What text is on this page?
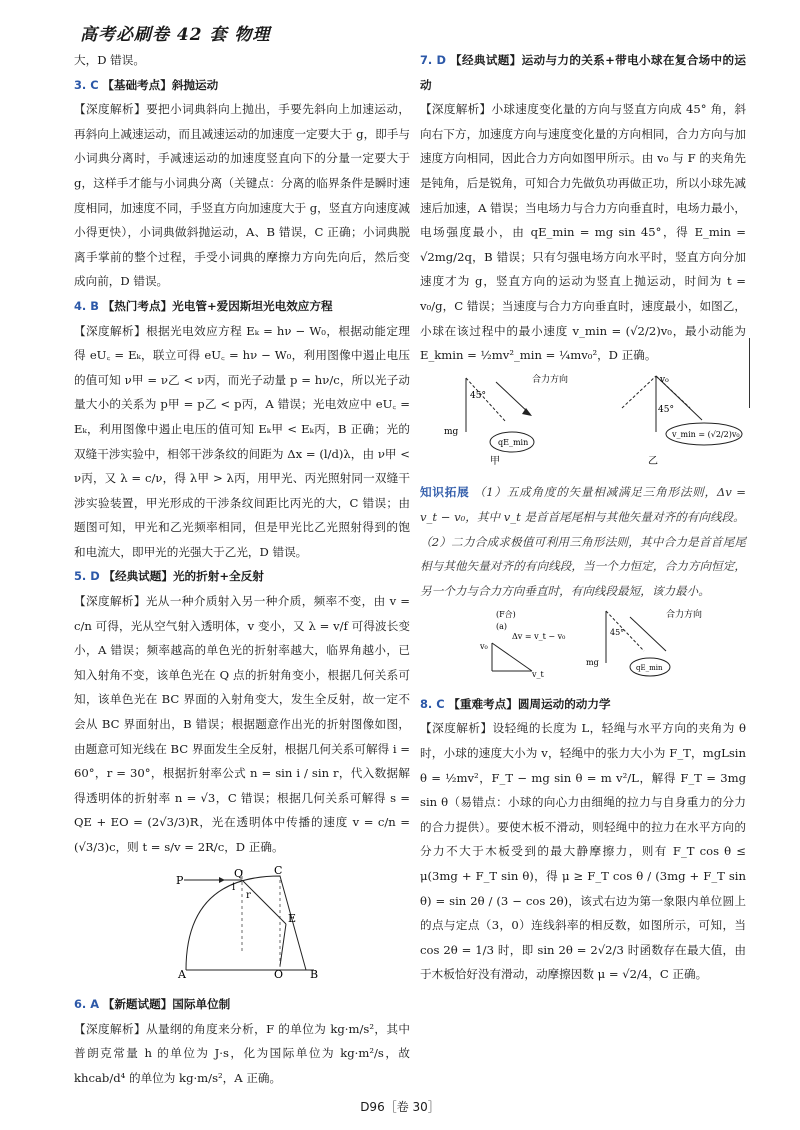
高考必刷卷 42 套 物理

大，D 错误。

3. C 【基础考点】斜抛运动

【深度解析】要把小词典斜向上抛出，手要先斜向上加速运动，再斜向上减速运动，而且减速运动的加速度一定要大于 g，即手与小词典分离时，手减速运动的加速度竖直向下的分量一定要大于 g，这样手才能与小词典分离（关键点：分离的临界条件是瞬时速度相同，加速度不同，手竖直方向加速度大于 g，竖直方向速度减小得更快），小词典做斜抛运动，A、B 错误，C 正确；小词典脱离手掌前的整个过程，手受小词典的摩擦力方向先向后，然后变成向前，D 错误。

4. B 【热门考点】光电管+爱因斯坦光电效应方程

【深度解析】根据光电效应方程 Eₖ = hν − W₀，根据动能定理得 eU꜀ = Eₖ，联立可得 eU꜀ = hν − W₀，利用图像中遏止电压的值可知 ν甲 = ν乙 < ν丙，而光子动量 p = hν/c，所以光子动量大小的关系为 p甲 = p乙 < p丙，A 错误；光电效应中 eU꜀ = Eₖ，利用图像中遏止电压的值可知 Eₖ甲 < Eₖ丙，B 正确；光的双缝干涉实验中，相邻干涉条纹的间距为 Δx = (l/d)λ，由 ν甲 < ν丙，又 λ = c/ν，得 λ甲 > λ丙，用甲光、丙光照射同一双缝干涉实验装置，甲光形成的干涉条纹间距比丙光的大，C 错误；由题图可知，甲光和乙光频率相同，但是甲光比乙光照射得到的饱和电流大，即甲光的光强大于乙光，D 错误。

5. D 【经典试题】光的折射+全反射

【深度解析】光从一种介质射入另一种介质，频率不变，由 v = c/n 可得，光从空气射入透明体，v 变小，又 λ = v/f 可得波长变小，A 错误；频率越高的单色光的折射率越大，临界角越小，已知入射角不变，该单色光在 Q 点的折射角变小，根据几何关系可知，该单色光在 BC 界面的入射角变大，发生全反射，故一定不会从 BC 界面射出，B 错误；根据题意作出光的折射图像如图，由题意可知光线在 BC 界面发生全反射，根据几何关系可解得 i = 60°，r = 30°，根据折射率公式 n = sin i / sin r，代入数据解得透明体的折射率 n = √3，C 错误；根据几何关系可解得 s = QE + EO = (2√3/3)R，光在透明体中传播的速度 v = c/n = (√3/3)c，则 t = s/v = 2R/c，D 正确。

P
Q	C
E
A	O B
i
r

6. A 【新题试题】国际单位制

【深度解析】从量纲的角度来分析，F 的单位为 kg·m/s²，其中普朗克常量 h 的单位为 J·s，化为国际单位为 kg·m²/s，故 khcab/d⁴ 的单位为 kg·m/s²，A 正确。

7. D 【经典试题】运动与力的关系+带电小球在复合场中的运动

【深度解析】小球速度变化量的方向与竖直方向成 45° 角，斜向右下方，加速度方向与速度变化量的方向相同，合力方向与加速度方向相同，因此合力方向如图甲所示。由 v₀ 与 F 的夹角先是钝角，后是锐角，可知合力先做负功再做正功，所以小球先减速后加速，A 错误；当电场力与合力方向垂直时，电场力最小，电场强度最小，由 qE_min = mg sin 45°，得 E_min = √2mg/2q，B 错误；只有匀强电场方向水平时，竖直方向分加速度才为 g，竖直方向的运动为竖直上抛运动，时间为 t = v₀/g，C 错误；当速度与合力方向垂直时，速度最小，如图乙，小球在该过程中的最小速度 v_min = (√2/2)v₀，最小动能为 E_kmin = ½mv²_min = ¼mv₀²，D 正确。

合力方向
45°
mg
qE_min
甲
v₀
45°
v_min = (√2/2)v₀
乙

知识拓展 （1）五成角度的矢量相减满足三角形法则，Δv = v_t − v₀，其中 v_t 是首首尾尾相与其他矢量对齐的有向线段。

（2）二力合成求极值可利用三角形法则，其中合力是首首尾尾相与其他矢量对齐的有向线段，当一个力恒定，合力方向恒定，另一个力与合力方向垂直时，有向线段最短，该力最小。

(F合)
(a)
Δv = v_t − v₀
v₀
v_t
合力方向
45°
mg
qE_min

8. C 【重难考点】圆周运动的动力学

【深度解析】设轻绳的长度为 L，轻绳与水平方向的夹角为 θ 时，小球的速度大小为 v，轻绳中的张力大小为 F_T，mgLsin θ = ½mv²，F_T − mg sin θ = m v²/L，解得 F_T = 3mg sin θ（易错点：小球的向心力由细绳的拉力与自身重力的分力的合力提供）。要使木板不滑动，则轻绳中的拉力在水平方向的分力不大于木板受到的最大静摩擦力，则有 F_T cos θ ≤ μ(3mg + F_T sin θ)，得 μ ≥ F_T cos θ / (3mg + F_T sin θ) = sin 2θ / (3 − cos 2θ)，该式右边为第一象限内单位圆上的点与定点（3，0）连线斜率的相反数，如图所示，可知，当 cos 2θ = 1/3 时，即 sin 2θ = 2√2/3 时函数存在最大值，由于木板恰好没有滑动，动摩擦因数 μ = √2/4，C 正确。

D96［卷 30］
